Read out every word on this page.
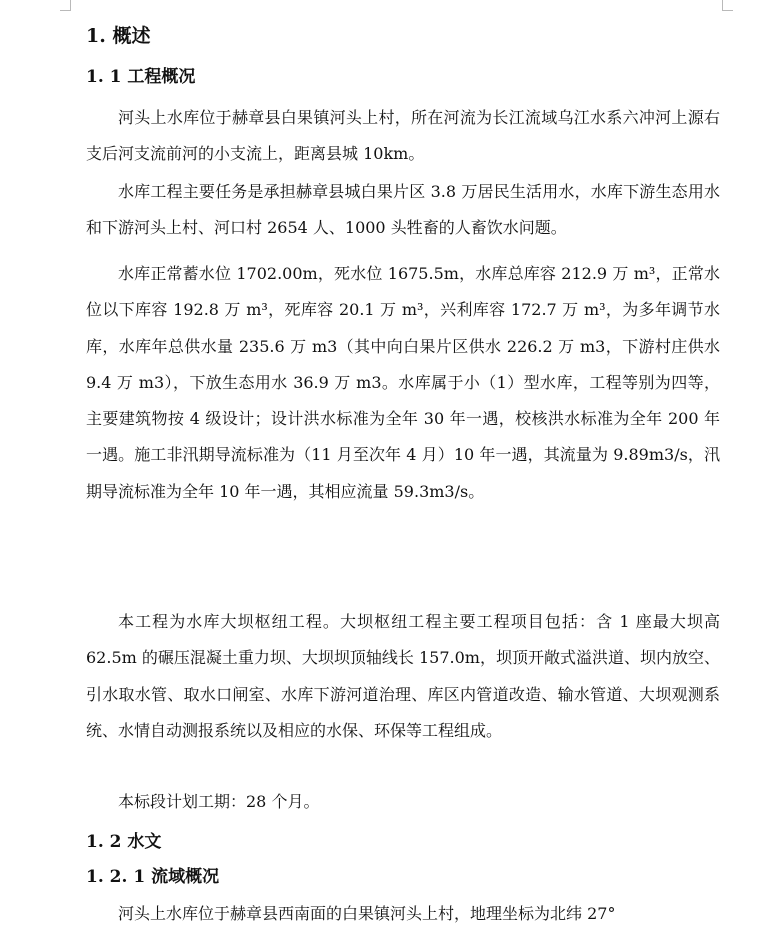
1. 概述
1. 1 工程概况
河头上水库位于赫章县白果镇河头上村，所在河流为长江流域乌江水系六冲河上源右支后河支流前河的小支流上，距离县城 10km。
水库工程主要任务是承担赫章县城白果片区 3.8 万居民生活用水，水库下游生态用水和下游河头上村、河口村 2654 人、1000 头牲畜的人畜饮水问题。
水库正常蓄水位 1702.00m，死水位 1675.5m，水库总库容 212.9 万 m³，正常水位以下库容 192.8 万 m³，死库容 20.1 万 m³，兴利库容 172.7 万 m³，为多年调节水库，水库年总供水量 235.6 万 m3（其中向白果片区供水 226.2 万 m3，下游村庄供水 9.4 万 m3），下放生态用水 36.9 万 m3。水库属于小（1）型水库，工程等别为四等，主要建筑物按 4 级设计；设计洪水标准为全年 30 年一遇，校核洪水标准为全年 200 年一遇。施工非汛期导流标准为（11 月至次年 4 月）10 年一遇，其流量为 9.89m3/s，汛期导流标准为全年 10 年一遇，其相应流量 59.3m3/s。
本工程为水库大坝枢纽工程。大坝枢纽工程主要工程项目包括：含 1 座最大坝高 62.5m 的碾压混凝土重力坝、大坝坝顶轴线长 157.0m，坝顶开敞式溢洪道、坝内放空、引水取水管、取水口闸室、水库下游河道治理、库区内管道改造、输水管道、大坝观测系统、水情自动测报系统以及相应的水保、环保等工程组成。
本标段计划工期：28 个月。
1. 2 水文
1. 2. 1 流域概况
河头上水库位于赫章县西南面的白果镇河头上村，地理坐标为北纬 27°
